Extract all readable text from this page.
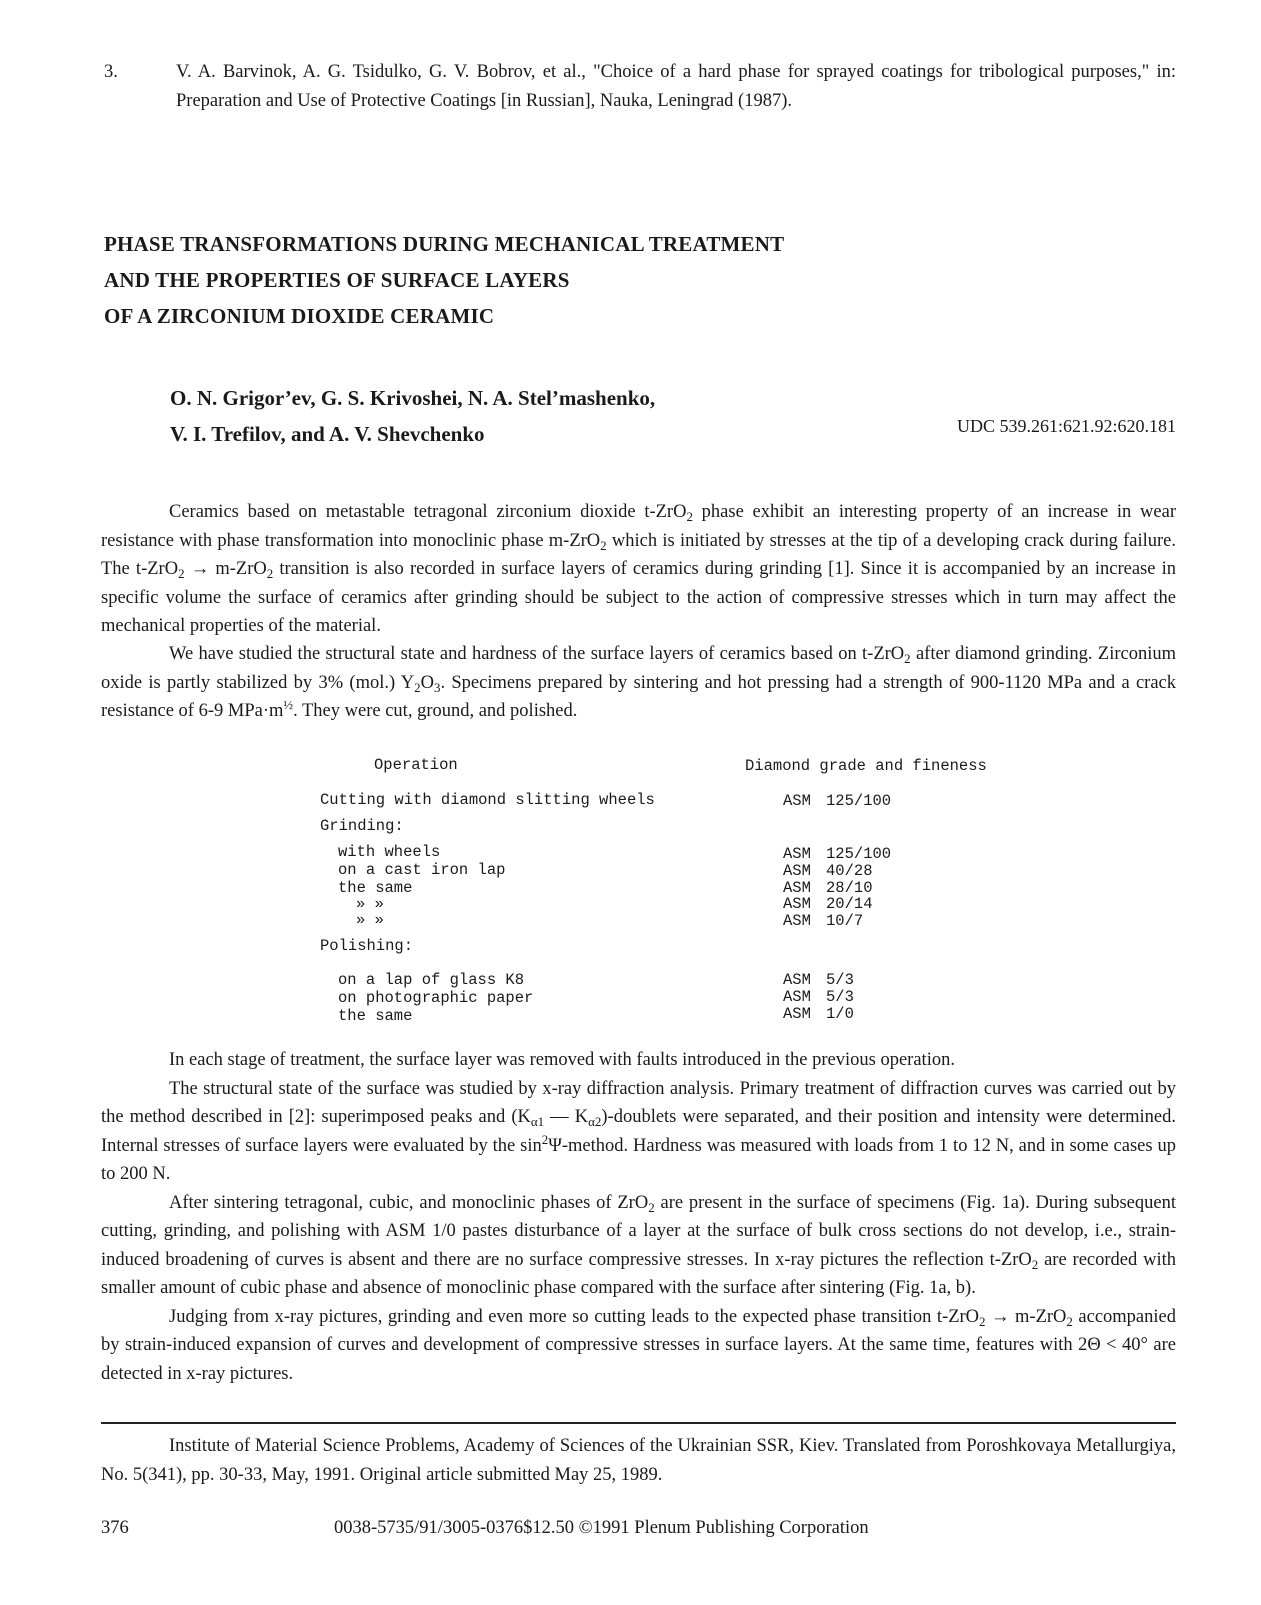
3.	V. A. Barvinok, A. G. Tsidulko, G. V. Bobrov, et al., "Choice of a hard phase for sprayed coatings for tribological purposes," in: Preparation and Use of Protective Coatings [in Russian], Nauka, Leningrad (1987).
PHASE TRANSFORMATIONS DURING MECHANICAL TREATMENT
AND THE PROPERTIES OF SURFACE LAYERS
OF A ZIRCONIUM DIOXIDE CERAMIC
O. N. Grigor’ev, G. S. Krivoshei, N. A. Stel’mashenko,
V. I. Trefilov, and A. V. Shevchenko	UDC 539.261:621.92:620.181

Ceramics based on metastable tetragonal zirconium dioxide t-ZrO$_2$ phase exhibit an interesting property of an increase in wear resistance with phase transformation into monoclinic phase m-ZrO$_2$ which is initiated by stresses at the tip of a developing crack during failure. The t-ZrO$_2$ → m-ZrO$_2$ transition is also recorded in surface layers of ceramics during grinding [1]. Since it is accompanied by an increase in specific volume the surface of ceramics after grinding should be subject to the action of compressive stresses which in turn may affect the mechanical properties of the material.

We have studied the structural state and hardness of the surface layers of ceramics based on t-ZrO$_2$ after diamond grinding. Zirconium oxide is partly stabilized by 3% (mol.) $Y_2O_3$. Specimens prepared by sintering and hot pressing had a strength of 900-1120 MPa and a crack resistance of 6-9 $MPa\cdot m^{\frac{1}{2}}$. They were cut, ground, and polished.

Operation	Diamond grade and fineness
Cutting with diamond slitting wheels	ASM 125/100
Grinding:
with wheels	ASM 125/100
on a cast iron lap	ASM 40/28
the same	ASM 28/10
» »	ASM 20/14
» »	ASM 10/7
Polishing:
on a lap of glass K8	ASM 5/3
on photographic paper	ASM 5/3
the same	ASM 1/0

In each stage of treatment, the surface layer was removed with faults introduced in the previous operation.

The structural state of the surface was studied by x-ray diffraction analysis. Primary treatment of diffraction curves was carried out by the method described in [2]: superimposed peaks and ($K_{\alpha 1}$ — $K_{\alpha 2}$)-doublets were separated, and their position and intensity were determined. Internal stresses of surface layers were evaluated by the $\sin^2\Psi$-method. Hardness was measured with loads from 1 to 12 N, and in some cases up to 200 N.

After sintering tetragonal, cubic, and monoclinic phases of ZrO$_2$ are present in the surface of specimens (Fig. 1a). During subsequent cutting, grinding, and polishing with ASM 1/0 pastes disturbance of a layer at the surface of bulk cross sections do not develop, i.e., strain-induced broadening of curves is absent and there are no surface compressive stresses. In x-ray pictures the reflection t-ZrO$_2$ are recorded with smaller amount of cubic phase and absence of monoclinic phase compared with the surface after sintering (Fig. 1a, b).

Judging from x-ray pictures, grinding and even more so cutting leads to the expected phase transition t-ZrO$_2$ → m-ZrO$_2$ accompanied by strain-induced expansion of curves and development of compressive stresses in surface layers. At the same time, features with 2Θ < 40° are detected in x-ray pictures.

Institute of Material Science Problems, Academy of Sciences of the Ukrainian SSR, Kiev. Translated from Poroshkovaya Metallurgiya, No. 5(341), pp. 30-33, May, 1991. Original article submitted May 25, 1989.

376	0038-5735/91/3005-0376$12.50 ©1991 Plenum Publishing Corporation
